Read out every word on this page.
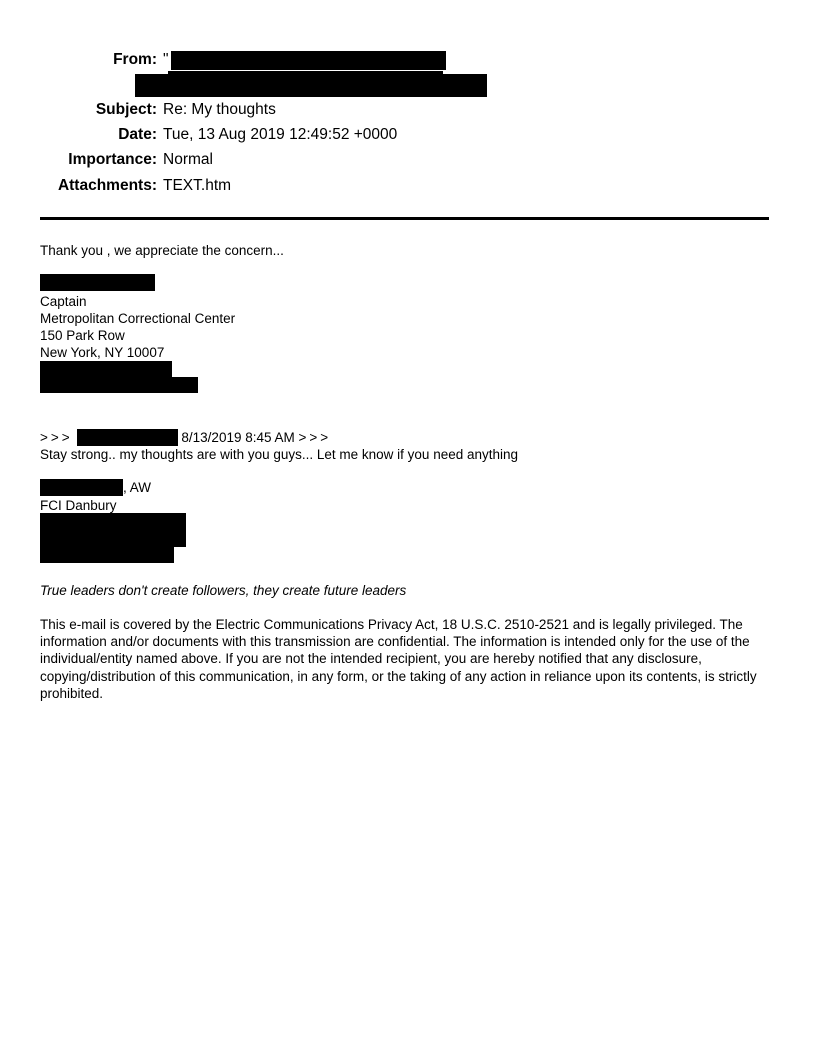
From:
Subject:
Date:
Importance:
Attachments:
"
Re: My thoughts
Tue, 13 Aug 2019 12:49:52 +0000
Normal
TEXT.htm
Thank you , we appreciate the concern...
Captain
Metropolitan Correctional Center
150 Park Row
New York, NY 10007
>>>	8/13/2019 8:45 AM >>>
Stay strong.. my thoughts are with you guys... Let me know if you need anything
, AW
FCI Danbury
True leaders don't create followers, they create future leaders
This e-mail is covered by the Electric Communications Privacy Act, 18 U.S.C. 2510-2521 and is legally privileged. The information and/or documents with this transmission are confidential. The information is intended only for the use of the individual/entity named above. If you are not the intended recipient, you are hereby notified that any disclosure, copying/distribution of this communication, in any form, or the taking of any action in reliance upon its contents, is strictly prohibited.
